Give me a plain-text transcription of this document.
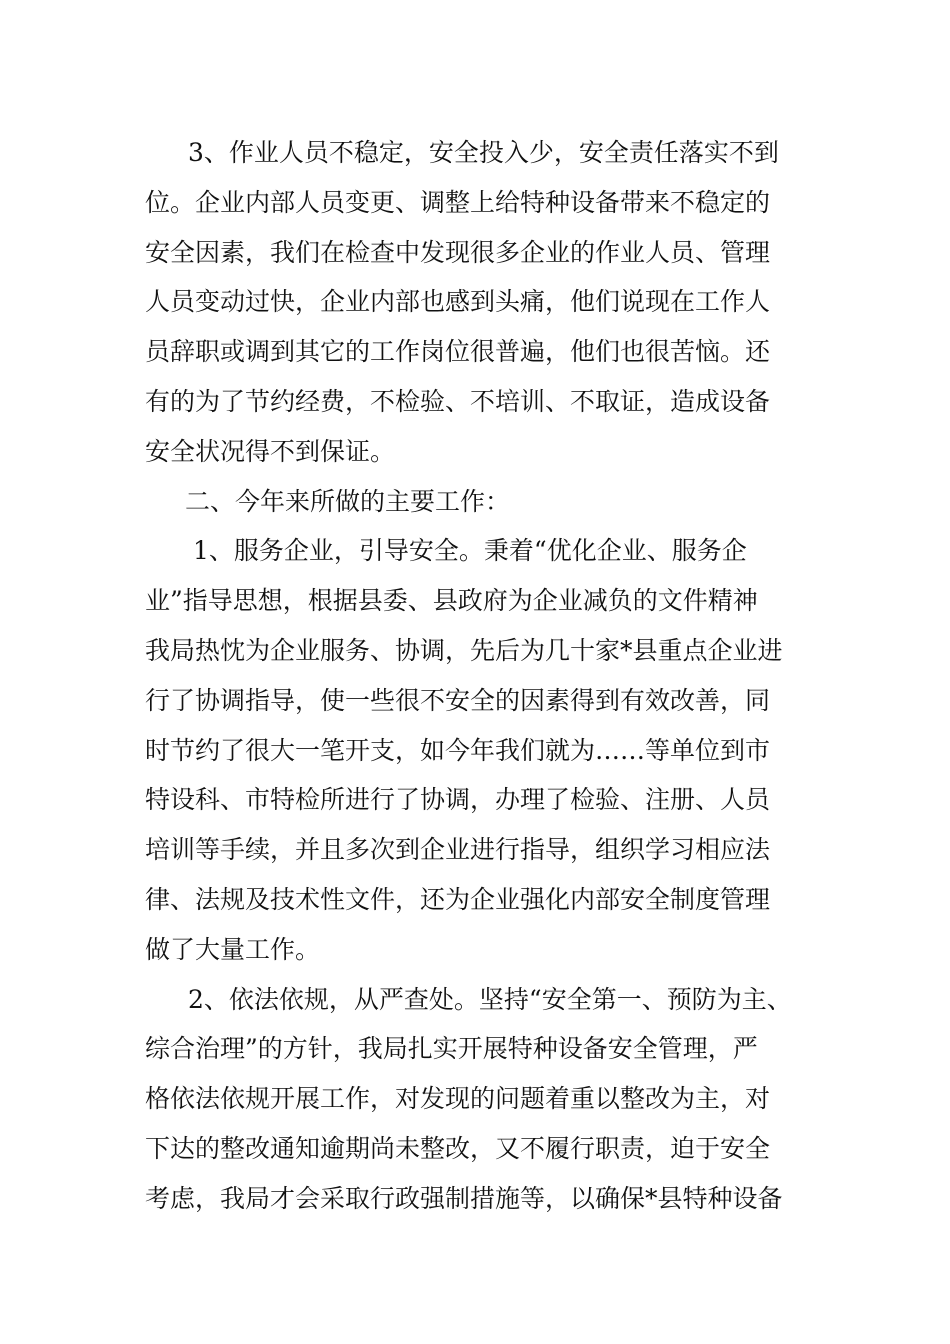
3、作业人员不稳定，安全投入少，安全责任落实不到
位。企业内部人员变更、调整上给特种设备带来不稳定的
安全因素，我们在检查中发现很多企业的作业人员、管理
人员变动过快，企业内部也感到头痛，他们说现在工作人
员辞职或调到其它的工作岗位很普遍，他们也很苦恼。还
有的为了节约经费，不检验、不培训、不取证，造成设备
安全状况得不到保证。
二、今年来所做的主要工作：
1、服务企业，引导安全。秉着“优化企业、服务企
业”指导思想，根据县委、县政府为企业减负的文件精神
我局热忱为企业服务、协调，先后为几十家*县重点企业进
行了协调指导，使一些很不安全的因素得到有效改善，同
时节约了很大一笔开支，如今年我们就为……等单位到市
特设科、市特检所进行了协调，办理了检验、注册、人员
培训等手续，并且多次到企业进行指导，组织学习相应法
律、法规及技术性文件，还为企业强化内部安全制度管理
做了大量工作。
2、依法依规，从严查处。坚持“安全第一、预防为主、
综合治理”的方针，我局扎实开展特种设备安全管理，严
格依法依规开展工作，对发现的问题着重以整改为主，对
下达的整改通知逾期尚未整改，又不履行职责，迫于安全
考虑，我局才会采取行政强制措施等，以确保*县特种设备
